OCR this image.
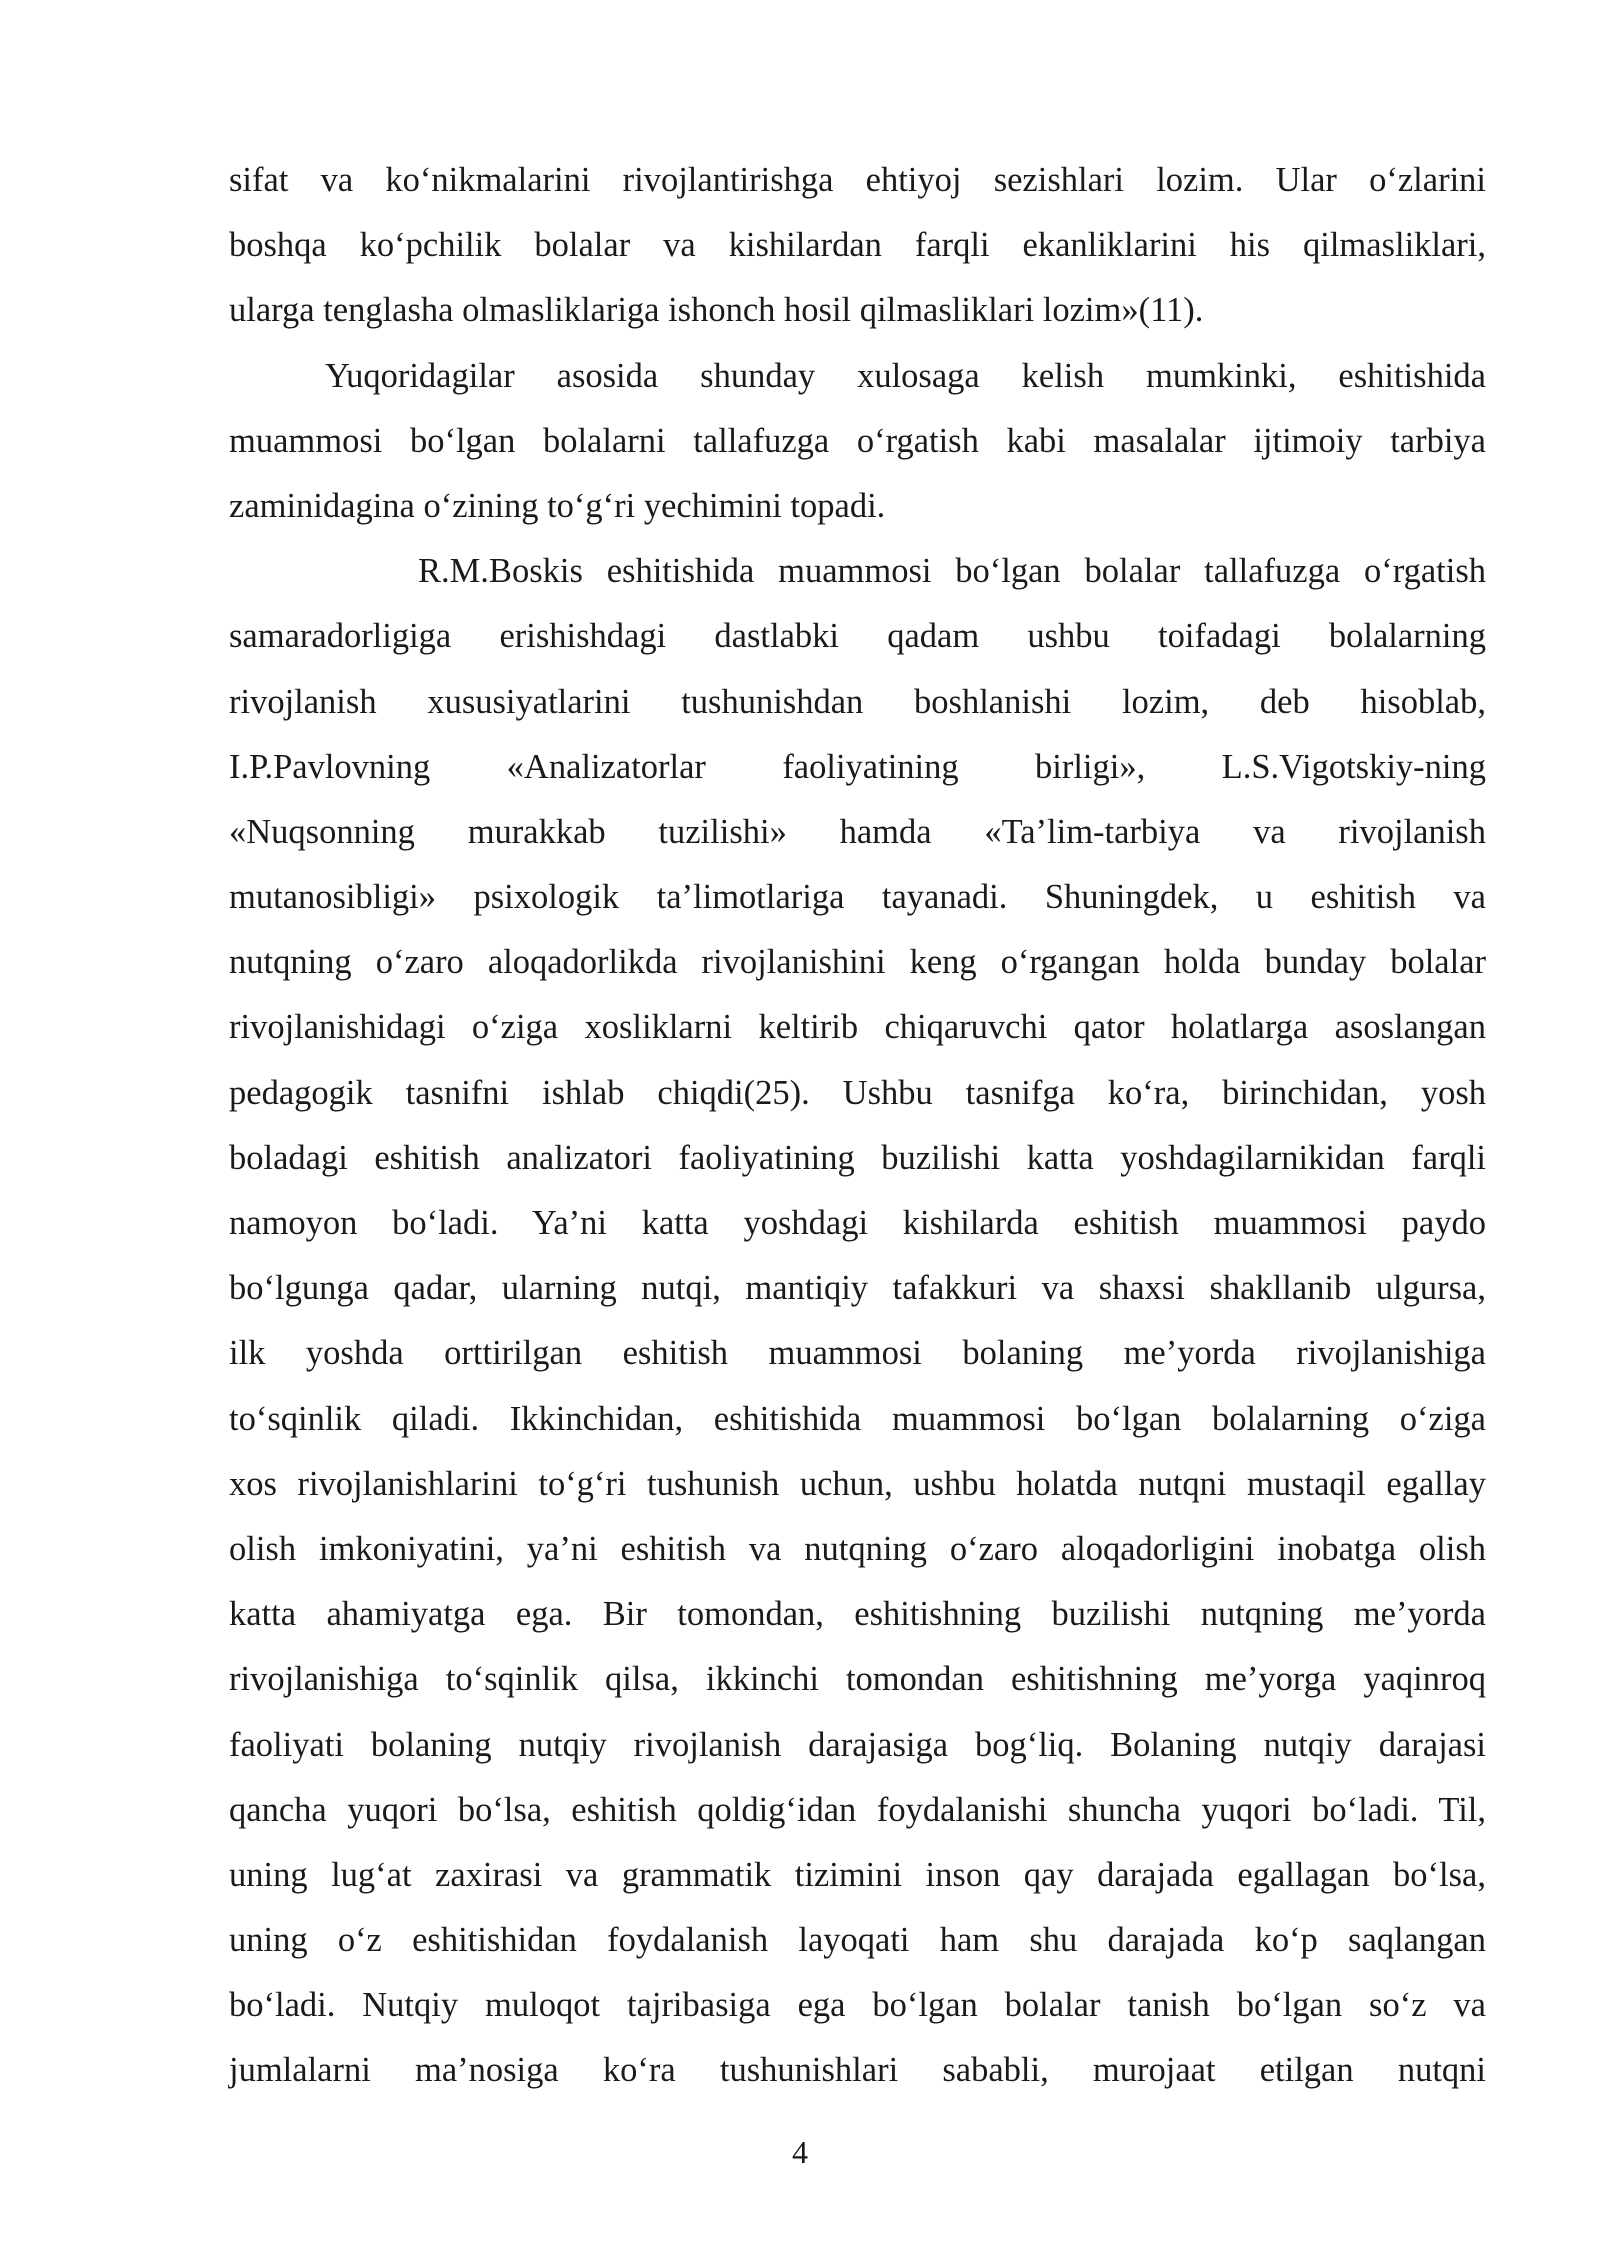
sifat va ko‘nikmalarini rivojlantirishga ehtiyoj sezishlari lozim. Ular o‘zlarini
boshqa ko‘pchilik bolalar va kishilardan farqli ekanliklarini his qilmasliklari,
ularga tenglasha olmasliklariga ishonch hosil qilmasliklari lozim»(11).
Yuqoridagilar asosida shunday xulosaga kelish mumkinki, eshitishida
muammosi bo‘lgan bolalarni tallafuzga o‘rgatish kabi masalalar ijtimoiy tarbiya
zaminidagina o‘zining to‘g‘ri yechimini topadi.
R.M.Boskis eshitishida muammosi bo‘lgan bolalar tallafuzga o‘rgatish
samaradorligiga erishishdagi dastlabki qadam ushbu toifadagi bolalarning
rivojlanish xususiyatlarini tushunishdan boshlanishi lozim, deb hisoblab,
I.P.Pavlovning «Analizatorlar faoliyatining birligi», L.S.Vigotskiy-ning
«Nuqsonning murakkab tuzilishi» hamda «Ta’lim-tarbiya va rivojlanish
mutanosibligi» psixologik ta’limotlariga tayanadi. Shuningdek, u eshitish va
nutqning o‘zaro aloqadorlikda rivojlanishini keng o‘rgangan holda bunday bolalar
rivojlanishidagi o‘ziga xosliklarni keltirib chiqaruvchi qator holatlarga asoslangan
pedagogik tasnifni ishlab chiqdi(25). Ushbu tasnifga ko‘ra, birinchidan, yosh
boladagi eshitish analizatori faoliyatining buzilishi katta yoshdagilarnikidan farqli
namoyon bo‘ladi. Ya’ni katta yoshdagi kishilarda eshitish muammosi paydo
bo‘lgunga qadar, ularning nutqi, mantiqiy tafakkuri va shaxsi shakllanib ulgursa,
ilk yoshda orttirilgan eshitish muammosi bolaning me’yorda rivojlanishiga
to‘sqinlik qiladi. Ikkinchidan, eshitishida muammosi bo‘lgan bolalarning o‘ziga
xos rivojlanishlarini to‘g‘ri tushunish uchun, ushbu holatda nutqni mustaqil egallay
olish imkoniyatini, ya’ni eshitish va nutqning o‘zaro aloqadorligini inobatga olish
katta ahamiyatga ega. Bir tomondan, eshitishning buzilishi nutqning me’yorda
rivojlanishiga to‘sqinlik qilsa, ikkinchi tomondan eshitishning me’yorga yaqinroq
faoliyati bolaning nutqiy rivojlanish darajasiga bog‘liq. Bolaning nutqiy darajasi
qancha yuqori bo‘lsa, eshitish qoldig‘idan foydalanishi shuncha yuqori bo‘ladi. Til,
uning lug‘at zaxirasi va grammatik tizimini inson qay darajada egallagan bo‘lsa,
uning o‘z eshitishidan foydalanish layoqati ham shu darajada ko‘p saqlangan
bo‘ladi. Nutqiy muloqot tajribasiga ega bo‘lgan bolalar tanish bo‘lgan so‘z va
jumlalarni ma’nosiga ko‘ra tushunishlari sababli, murojaat etilgan nutqni
4
